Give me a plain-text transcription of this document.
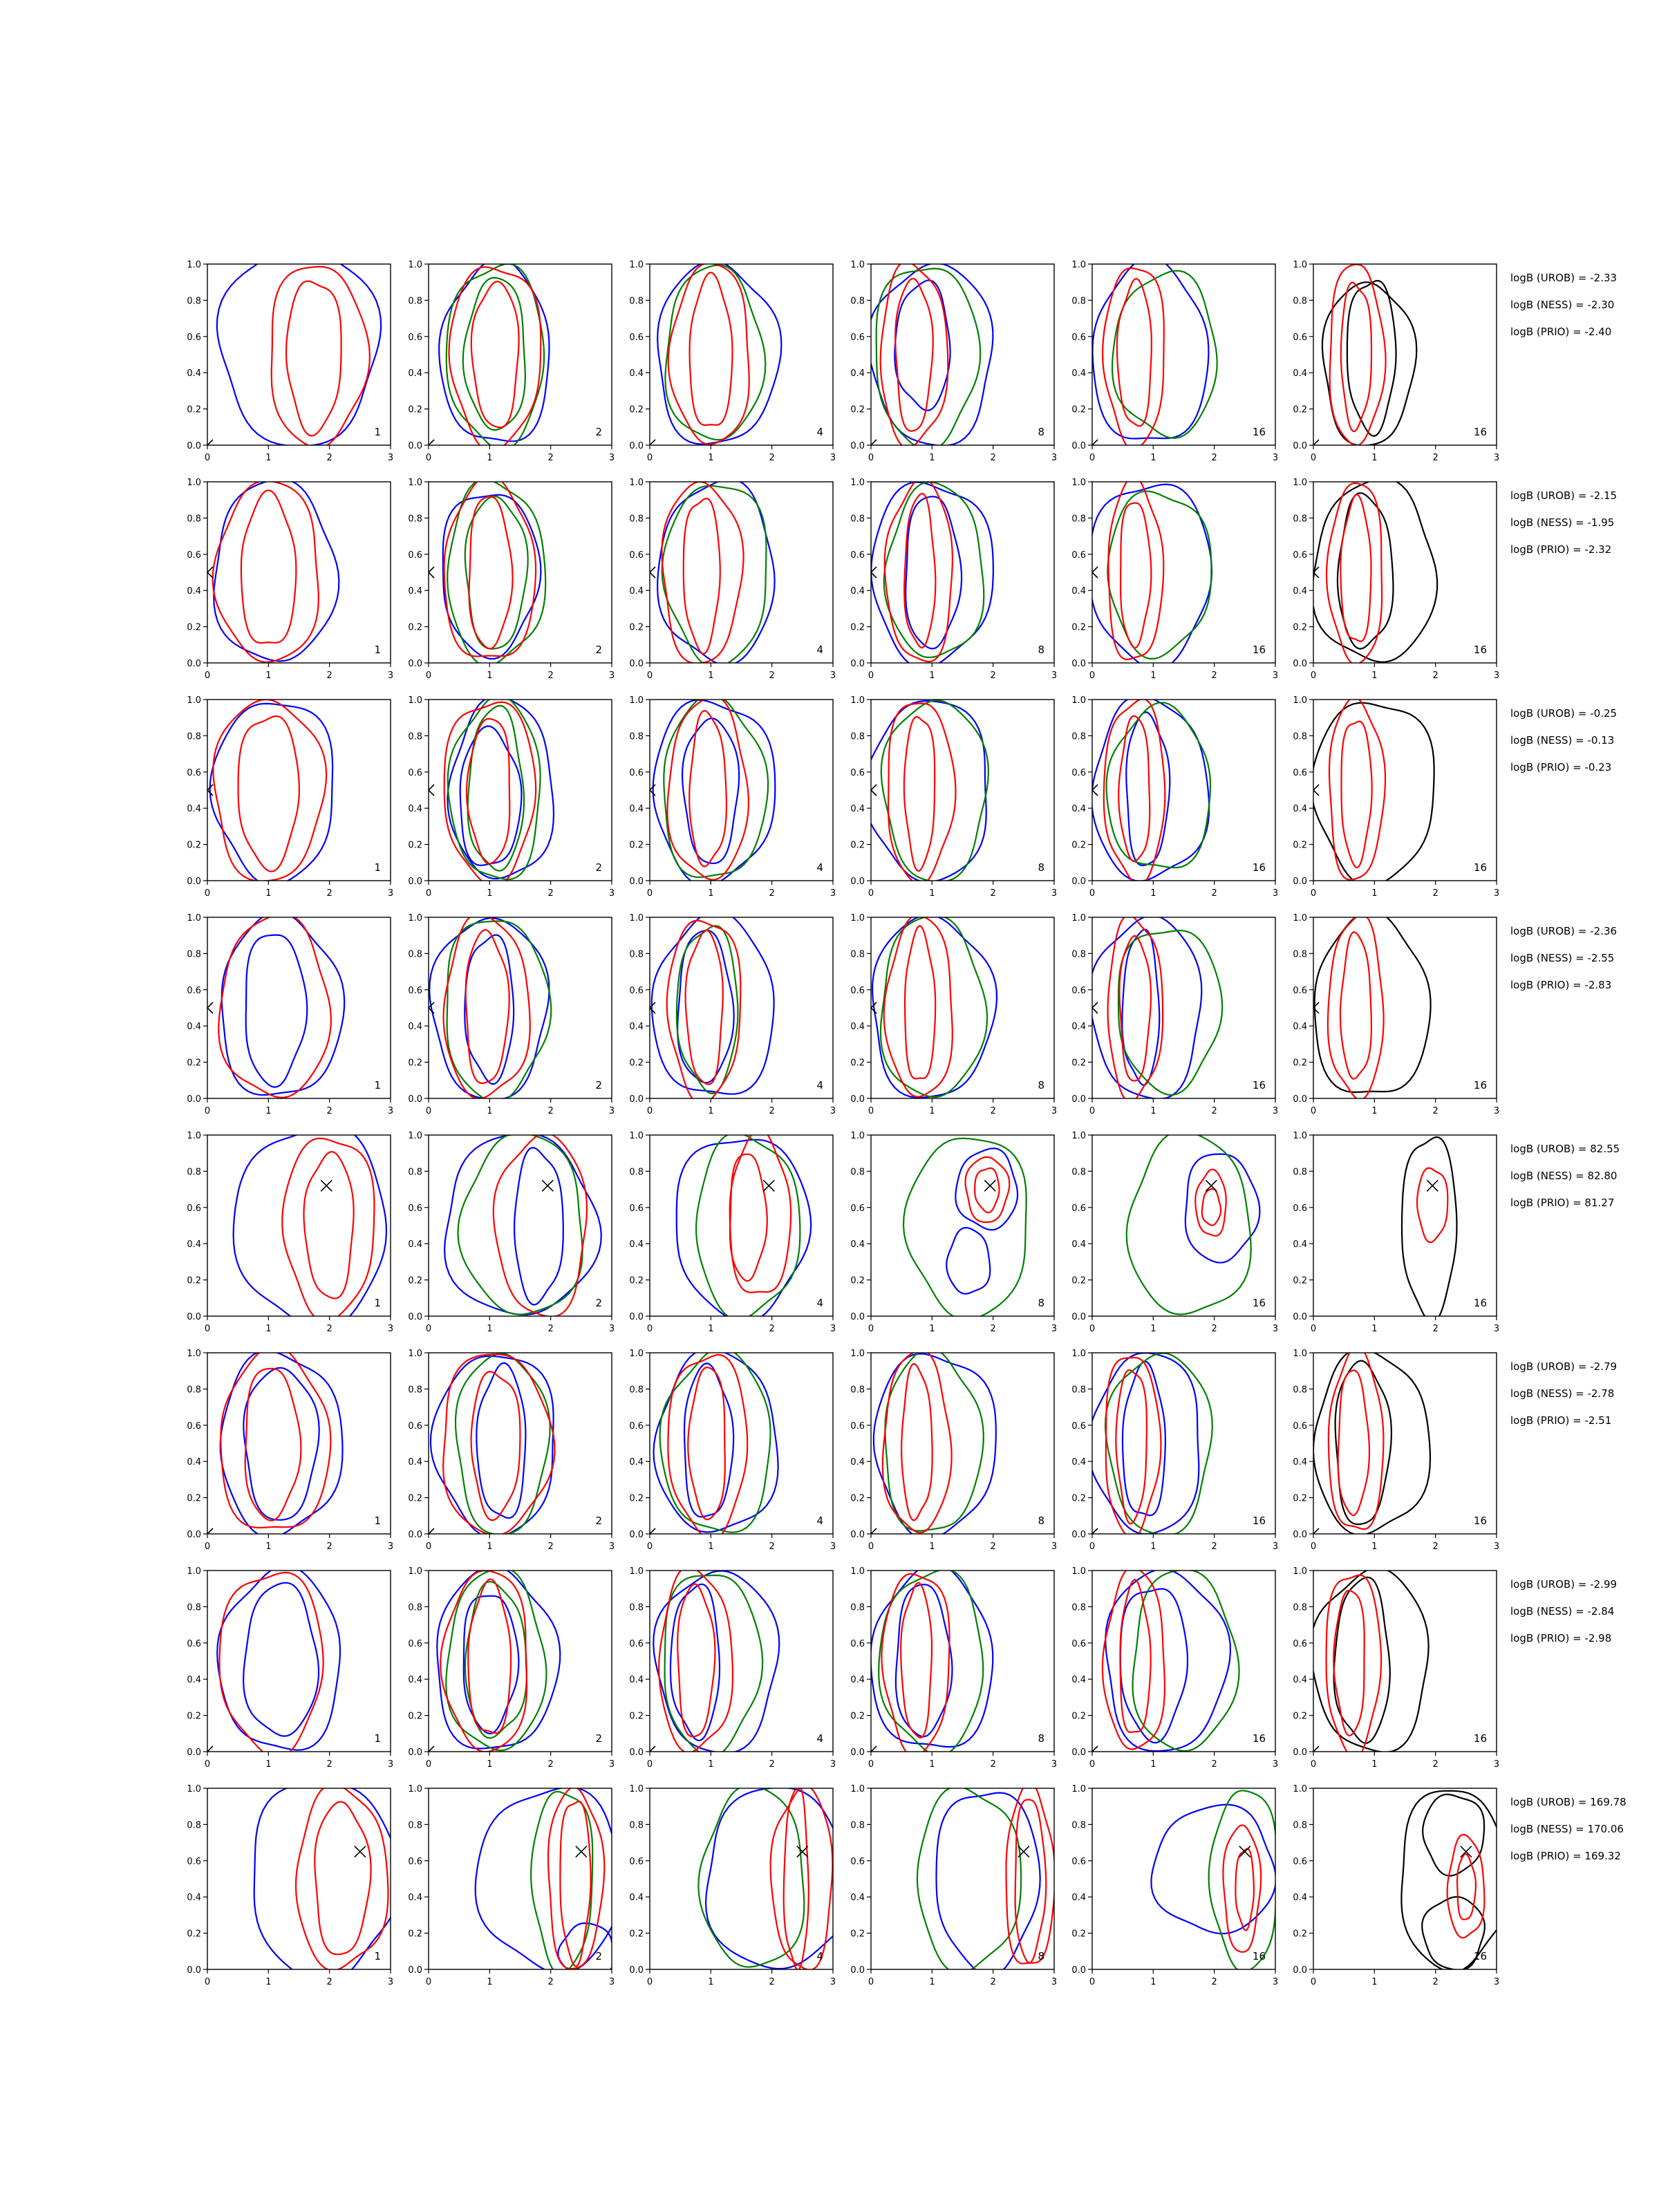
0	1	2	3
0.0
0.2
0.4
0.6
0.8
1.0
1
0	1	2	3
0.0
0.2
0.4
0.6
0.8
1.0
2
0	1	2	3
0.0
0.2
0.4
0.6
0.8
1.0
4
0	1	2	3
0.0
0.2
0.4
0.6
0.8
1.0
8
0	1	2	3
0.0
0.2
0.4
0.6
0.8
1.0
16
0	1	2	3
0.0
0.2
0.4
0.6
0.8
1.0
16
logB (UROB) = -2.33
logB (NESS) = -2.30
logB (PRIO) = -2.40
0	1	2	3
0.0
0.2
0.4
0.6
0.8
1.0
1
0	1	2	3
0.0
0.2
0.4
0.6
0.8
1.0
2
0	1	2	3
0.0
0.2
0.4
0.6
0.8
1.0
4
0	1	2	3
0.0
0.2
0.4
0.6
0.8
1.0
8
0	1	2	3
0.0
0.2
0.4
0.6
0.8
1.0
16
0	1	2	3
0.0
0.2
0.4
0.6
0.8
1.0
16
logB (UROB) = -2.15
logB (NESS) = -1.95
logB (PRIO) = -2.32
0	1	2	3
0.0
0.2
0.4
0.6
0.8
1.0
1
0	1	2	3
0.0
0.2
0.4
0.6
0.8
1.0
2
0	1	2	3
0.0
0.2
0.4
0.6
0.8
1.0
4
0	1	2	3
0.0
0.2
0.4
0.6
0.8
1.0
8
0	1	2	3
0.0
0.2
0.4
0.6
0.8
1.0
16
0	1	2	3
0.0
0.2
0.4
0.6
0.8
1.0
16
logB (UROB) = -0.25
logB (NESS) = -0.13
logB (PRIO) = -0.23
0	1	2	3
0.0
0.2
0.4
0.6
0.8
1.0
1
0	1	2	3
0.0
0.2
0.4
0.6
0.8
1.0
2
0	1	2	3
0.0
0.2
0.4
0.6
0.8
1.0
4
0	1	2	3
0.0
0.2
0.4
0.6
0.8
1.0
8
0	1	2	3
0.0
0.2
0.4
0.6
0.8
1.0
16
0	1	2	3
0.0
0.2
0.4
0.6
0.8
1.0
16
logB (UROB) = -2.36
logB (NESS) = -2.55
logB (PRIO) = -2.83
0	1	2	3
0.0
0.2
0.4
0.6
0.8
1.0
1
0	1	2	3
0.0
0.2
0.4
0.6
0.8
1.0
2
0	1	2	3
0.0
0.2
0.4
0.6
0.8
1.0
4
0	1	2	3
0.0
0.2
0.4
0.6
0.8
1.0
8
0	1	2	3
0.0
0.2
0.4
0.6
0.8
1.0
16
0	1	2	3
0.0
0.2
0.4
0.6
0.8
1.0
16
logB (UROB) = 82.55
logB (NESS) = 82.80
logB (PRIO) = 81.27
0	1	2	3
0.0
0.2
0.4
0.6
0.8
1.0
1
0	1	2	3
0.0
0.2
0.4
0.6
0.8
1.0
2
0	1	2	3
0.0
0.2
0.4
0.6
0.8
1.0
4
0	1	2	3
0.0
0.2
0.4
0.6
0.8
1.0
8
0	1	2	3
0.0
0.2
0.4
0.6
0.8
1.0
16
0	1	2	3
0.0
0.2
0.4
0.6
0.8
1.0
16
logB (UROB) = -2.79
logB (NESS) = -2.78
logB (PRIO) = -2.51
0	1	2	3
0.0
0.2
0.4
0.6
0.8
1.0
1
0	1	2	3
0.0
0.2
0.4
0.6
0.8
1.0
2
0	1	2	3
0.0
0.2
0.4
0.6
0.8
1.0
4
0	1	2	3
0.0
0.2
0.4
0.6
0.8
1.0
8
0	1	2	3
0.0
0.2
0.4
0.6
0.8
1.0
16
0	1	2	3
0.0
0.2
0.4
0.6
0.8
1.0
16
logB (UROB) = -2.99
logB (NESS) = -2.84
logB (PRIO) = -2.98
0	1	2	3
0.0
0.2
0.4
0.6
0.8
1.0
1
0	1	2	3
0.0
0.2
0.4
0.6
0.8
1.0
2
0	1	2	3
0.0
0.2
0.4
0.6
0.8
1.0
4
0	1	2	3
0.0
0.2
0.4
0.6
0.8
1.0
8
0	1	2	3
0.0
0.2
0.4
0.6
0.8
1.0
16
0	1	2	3
0.0
0.2
0.4
0.6
0.8
1.0
16
logB (UROB) = 169.78
logB (NESS) = 170.06
logB (PRIO) = 169.32
